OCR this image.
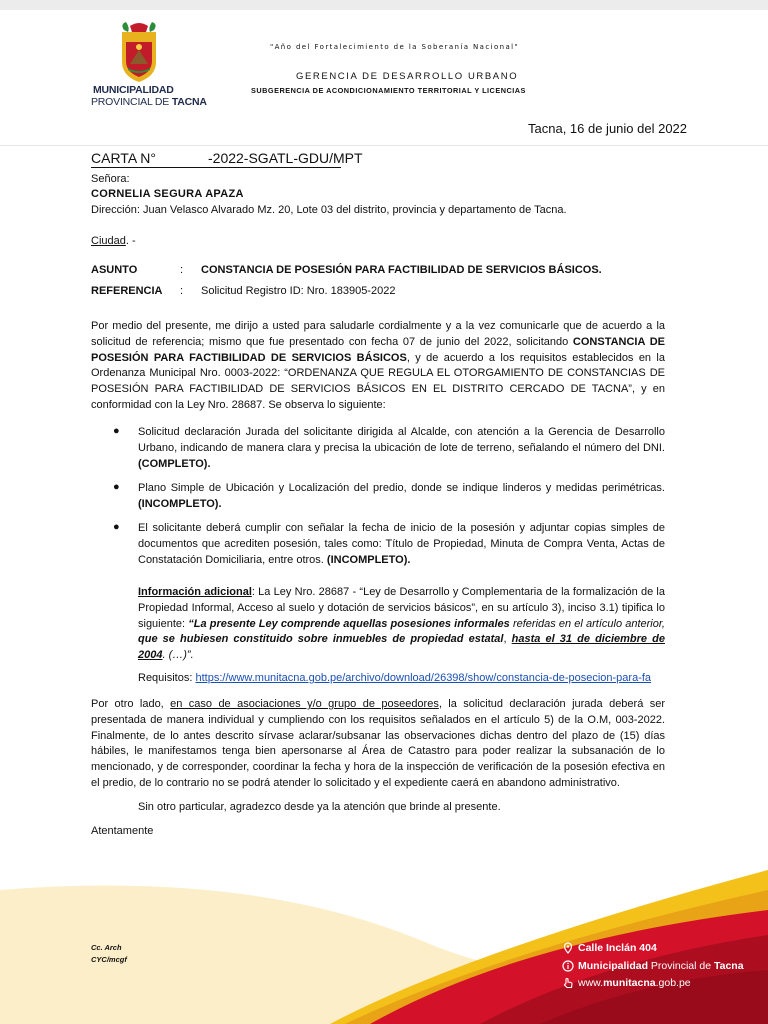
MUNICIPALIDAD
PROVINCIAL DE TACNA
"Año del Fortalecimiento de la Soberanía Nacional"
GERENCIA DE DESARROLLO URBANO
SUBGERENCIA DE ACONDICIONAMIENTO TERRITORIAL Y LICENCIAS
Tacna, 16 de junio del 2022
CARTA N°	-2022-SGATL-GDU/MPT
Señora:
CORNELIA SEGURA APAZA
Dirección: Juan Velasco Alvarado Mz. 20, Lote 03 del distrito, provincia y departamento de Tacna.
Ciudad. -
ASUNTO	: CONSTANCIA DE POSESIÓN PARA FACTIBILIDAD DE SERVICIOS BÁSICOS.
REFERENCIA : Solicitud Registro ID: Nro. 183905-2022
Por medio del presente, me dirijo a usted para saludarle cordialmente y a la vez comunicarle que de acuerdo a la solicitud de referencia; mismo que fue presentado con fecha 07 de junio del 2022, solicitando CONSTANCIA DE POSESIÓN PARA FACTIBILIDAD DE SERVICIOS BÁSICOS, y de acuerdo a los requisitos establecidos en la Ordenanza Municipal Nro. 0003-2022: “ORDENANZA QUE REGULA EL OTORGAMIENTO DE CONSTANCIAS DE POSESIÓN PARA FACTIBILIDAD DE SERVICIOS BÁSICOS EN EL DISTRITO CERCADO DE TACNA”, y en conformidad con la Ley Nro. 28687. Se observa lo siguiente:
● Solicitud declaración Jurada del solicitante dirigida al Alcalde, con atención a la Gerencia de Desarrollo Urbano, indicando de manera clara y precisa la ubicación de lote de terreno, señalando el número del DNI. (COMPLETO).
● Plano Simple de Ubicación y Localización del predio, donde se indique linderos y medidas perimétricas. (INCOMPLETO).
● El solicitante deberá cumplir con señalar la fecha de inicio de la posesión y adjuntar copias simples de documentos que acrediten posesión, tales como: Título de Propiedad, Minuta de Compra Venta, Actas de Constatación Domiciliaria, entre otros. (INCOMPLETO).
Información adicional: La Ley Nro. 28687 - “Ley de Desarrollo y Complementaria de la formalización de la Propiedad Informal, Acceso al suelo y dotación de servicios básicos”, en su artículo 3), inciso 3.1) tipifica lo siguiente: “La presente Ley comprende aquellas posesiones informales referidas en el artículo anterior, que se hubiesen constituido sobre inmuebles de propiedad estatal, hasta el 31 de diciembre de 2004. (…)”.
Requisitos: https://www.munitacna.gob.pe/archivo/download/26398/show/constancia-de-posecion-para-fa
Por otro lado, en caso de asociaciones y/o grupo de poseedores, la solicitud declaración jurada deberá ser presentada de manera individual y cumpliendo con los requisitos señalados en el artículo 5) de la O.M, 003-2022. Finalmente, de lo antes descrito sírvase aclarar/subsanar las observaciones dichas dentro del plazo de (15) días hábiles, le manifestamos tenga bien apersonarse al Área de Catastro para poder realizar la subsanación de lo mencionado, y de corresponder, coordinar la fecha y hora de la inspección de verificación de la posesión efectiva en el predio, de lo contrario no se podrá atender lo solicitado y el expediente caerá en abandono administrativo.
Sin otro particular, agradezco desde ya la atención que brinde al presente.
Atentamente
Cc. Arch
CYC/mcgf
Calle Inclán 404
Municipalidad Provincial de Tacna
www.munitacna.gob.pe
